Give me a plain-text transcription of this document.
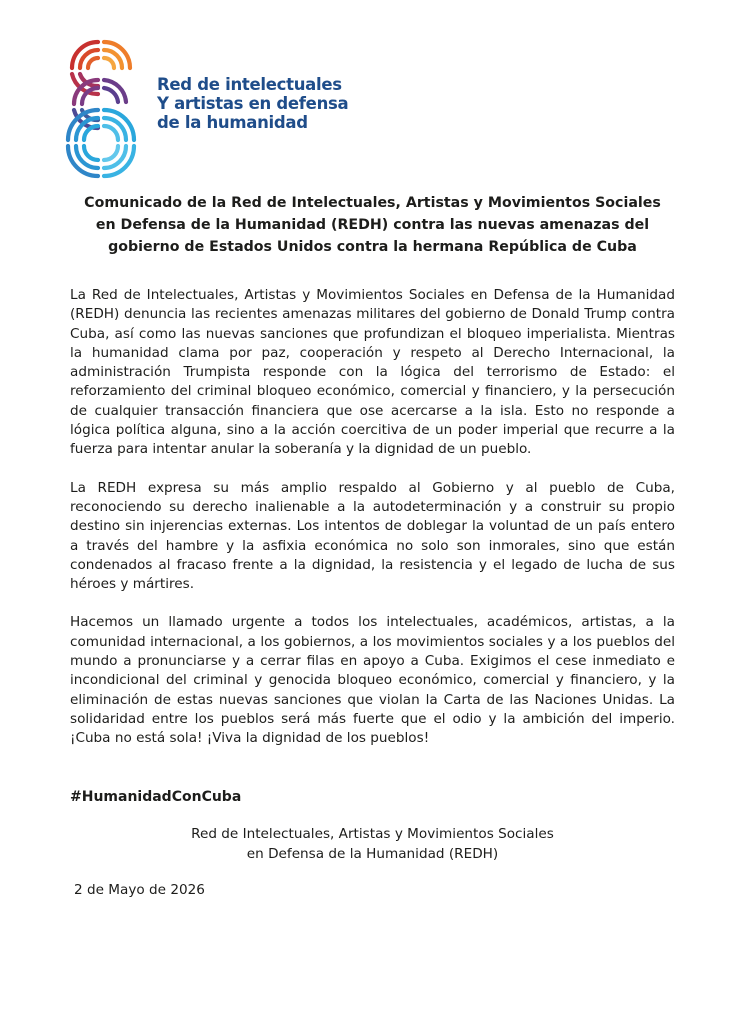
Red de intelectuales
Y artistas en defensa
de la humanidad
Comunicado de la Red de Intelectuales, Artistas y Movimientos Sociales
en Defensa de la Humanidad (REDH) contra las nuevas amenazas del
gobierno de Estados Unidos contra la hermana República de Cuba

La Red de Intelectuales, Artistas y Movimientos Sociales en Defensa de la Humanidad (REDH) denuncia las recientes amenazas militares del gobierno de Donald Trump contra Cuba, así como las nuevas sanciones que profundizan el bloqueo imperialista. Mientras la humanidad clama por paz, cooperación y respeto al Derecho Internacional, la administración Trumpista responde con la lógica del terrorismo de Estado: el reforzamiento del criminal bloqueo económico, comercial y financiero, y la persecución de cualquier transacción financiera que ose acercarse a la isla. Esto no responde a lógica política alguna, sino a la acción coercitiva de un poder imperial que recurre a la fuerza para intentar anular la soberanía y la dignidad de un pueblo.

La REDH expresa su más amplio respaldo al Gobierno y al pueblo de Cuba, reconociendo su derecho inalienable a la autodeterminación y a construir su propio destino sin injerencias externas. Los intentos de doblegar la voluntad de un país entero a través del hambre y la asfixia económica no solo son inmorales, sino que están condenados al fracaso frente a la dignidad, la resistencia y el legado de lucha de sus héroes y mártires.

Hacemos un llamado urgente a todos los intelectuales, académicos, artistas, a la comunidad internacional, a los gobiernos, a los movimientos sociales y a los pueblos del mundo a pronunciarse y a cerrar filas en apoyo a Cuba. Exigimos el cese inmediato e incondicional del criminal y genocida bloqueo económico, comercial y financiero, y la eliminación de estas nuevas sanciones que violan la Carta de las Naciones Unidas. La solidaridad entre los pueblos será más fuerte que el odio y la ambición del imperio. ¡Cuba no está sola! ¡Viva la dignidad de los pueblos!

#HumanidadConCuba
Red de Intelectuales, Artistas y Movimientos Sociales
en Defensa de la Humanidad (REDH)
2 de Mayo de 2026
